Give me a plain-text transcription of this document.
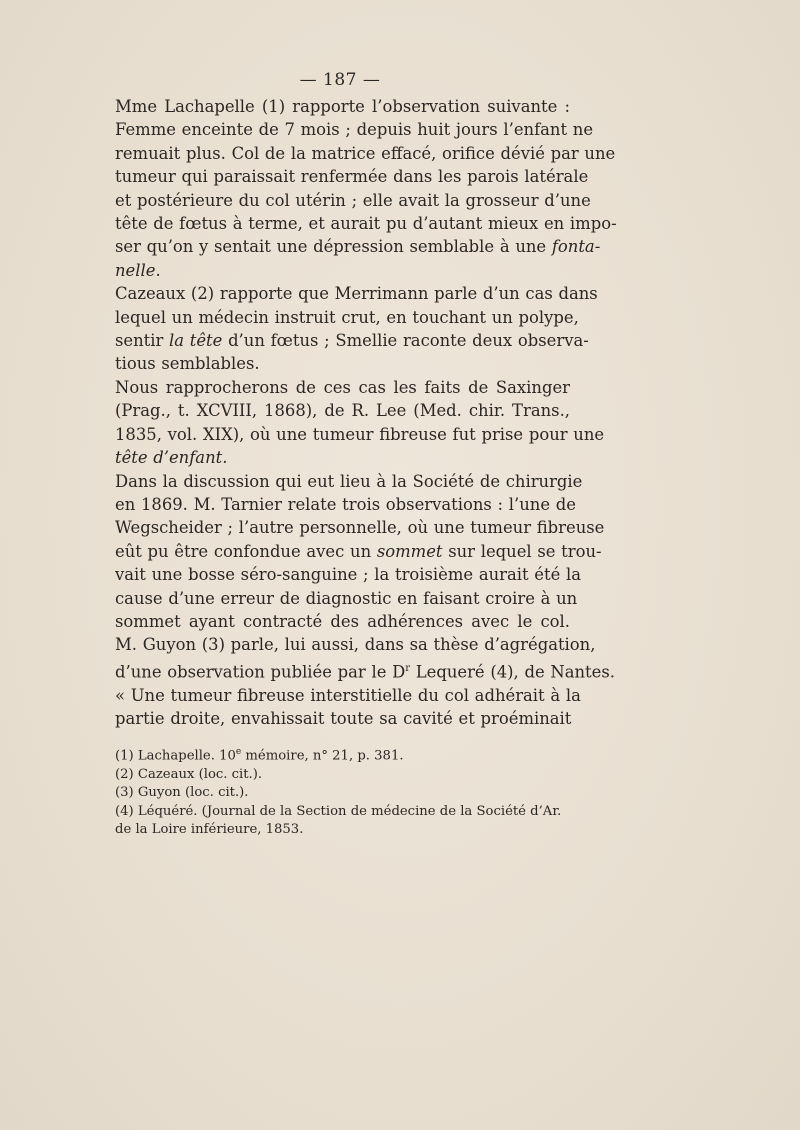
— 187 —

Mme Lachapelle (1) rapporte l’observation suivante :
Femme enceinte de 7 mois ; depuis huit jours l’enfant ne
remuait plus. Col de la matrice effacé, orifice dévié par une
tumeur qui paraissait renfermée dans les parois latérale
et postérieure du col utérin ; elle avait la grosseur d’une
tête de fœtus à terme, et aurait pu d’autant mieux en impo-
ser qu’on y sentait une dépression semblable à une fonta-
nelle.

Cazeaux (2) rapporte que Merrimann parle d’un cas dans
lequel un médecin instruit crut, en touchant un polype,
sentir la tête d’un fœtus ; Smellie raconte deux observa-
tious semblables.

Nous rapprocherons de ces cas les faits de Saxinger
(Prag., t. XCVIII, 1868), de R. Lee (Med. chir. Trans.,
1835, vol. XIX), où une tumeur fibreuse fut prise pour une
tête d’enfant.

Dans la discussion qui eut lieu à la Société de chirurgie
en 1869. M. Tarnier relate trois observations : l’une de
Wegscheider ; l’autre personnelle, où une tumeur fibreuse
eût pu être confondue avec un sommet sur lequel se trou-
vait une bosse séro-sanguine ; la troisième aurait été la
cause d’une erreur de diagnostic en faisant croire à un
sommet ayant contracté des adhérences avec le col.
M. Guyon (3) parle, lui aussi, dans sa thèse d’agrégation,
d’une observation publiée par le $D^r$ Lequeré (4), de Nantes.

« Une tumeur fibreuse interstitielle du col adhérait à la
partie droite, envahissait toute sa cavité et proéminait

(1) Lachapelle. 10e mémoire, n° 21, p. 381.
(2) Cazeaux (loc. cit.).
(3) Guyon (loc. cit.).
(4) Léquéré. (Journal de la Section de médecine de la Société d’Ar.
de la Loire inférieure, 1853.
